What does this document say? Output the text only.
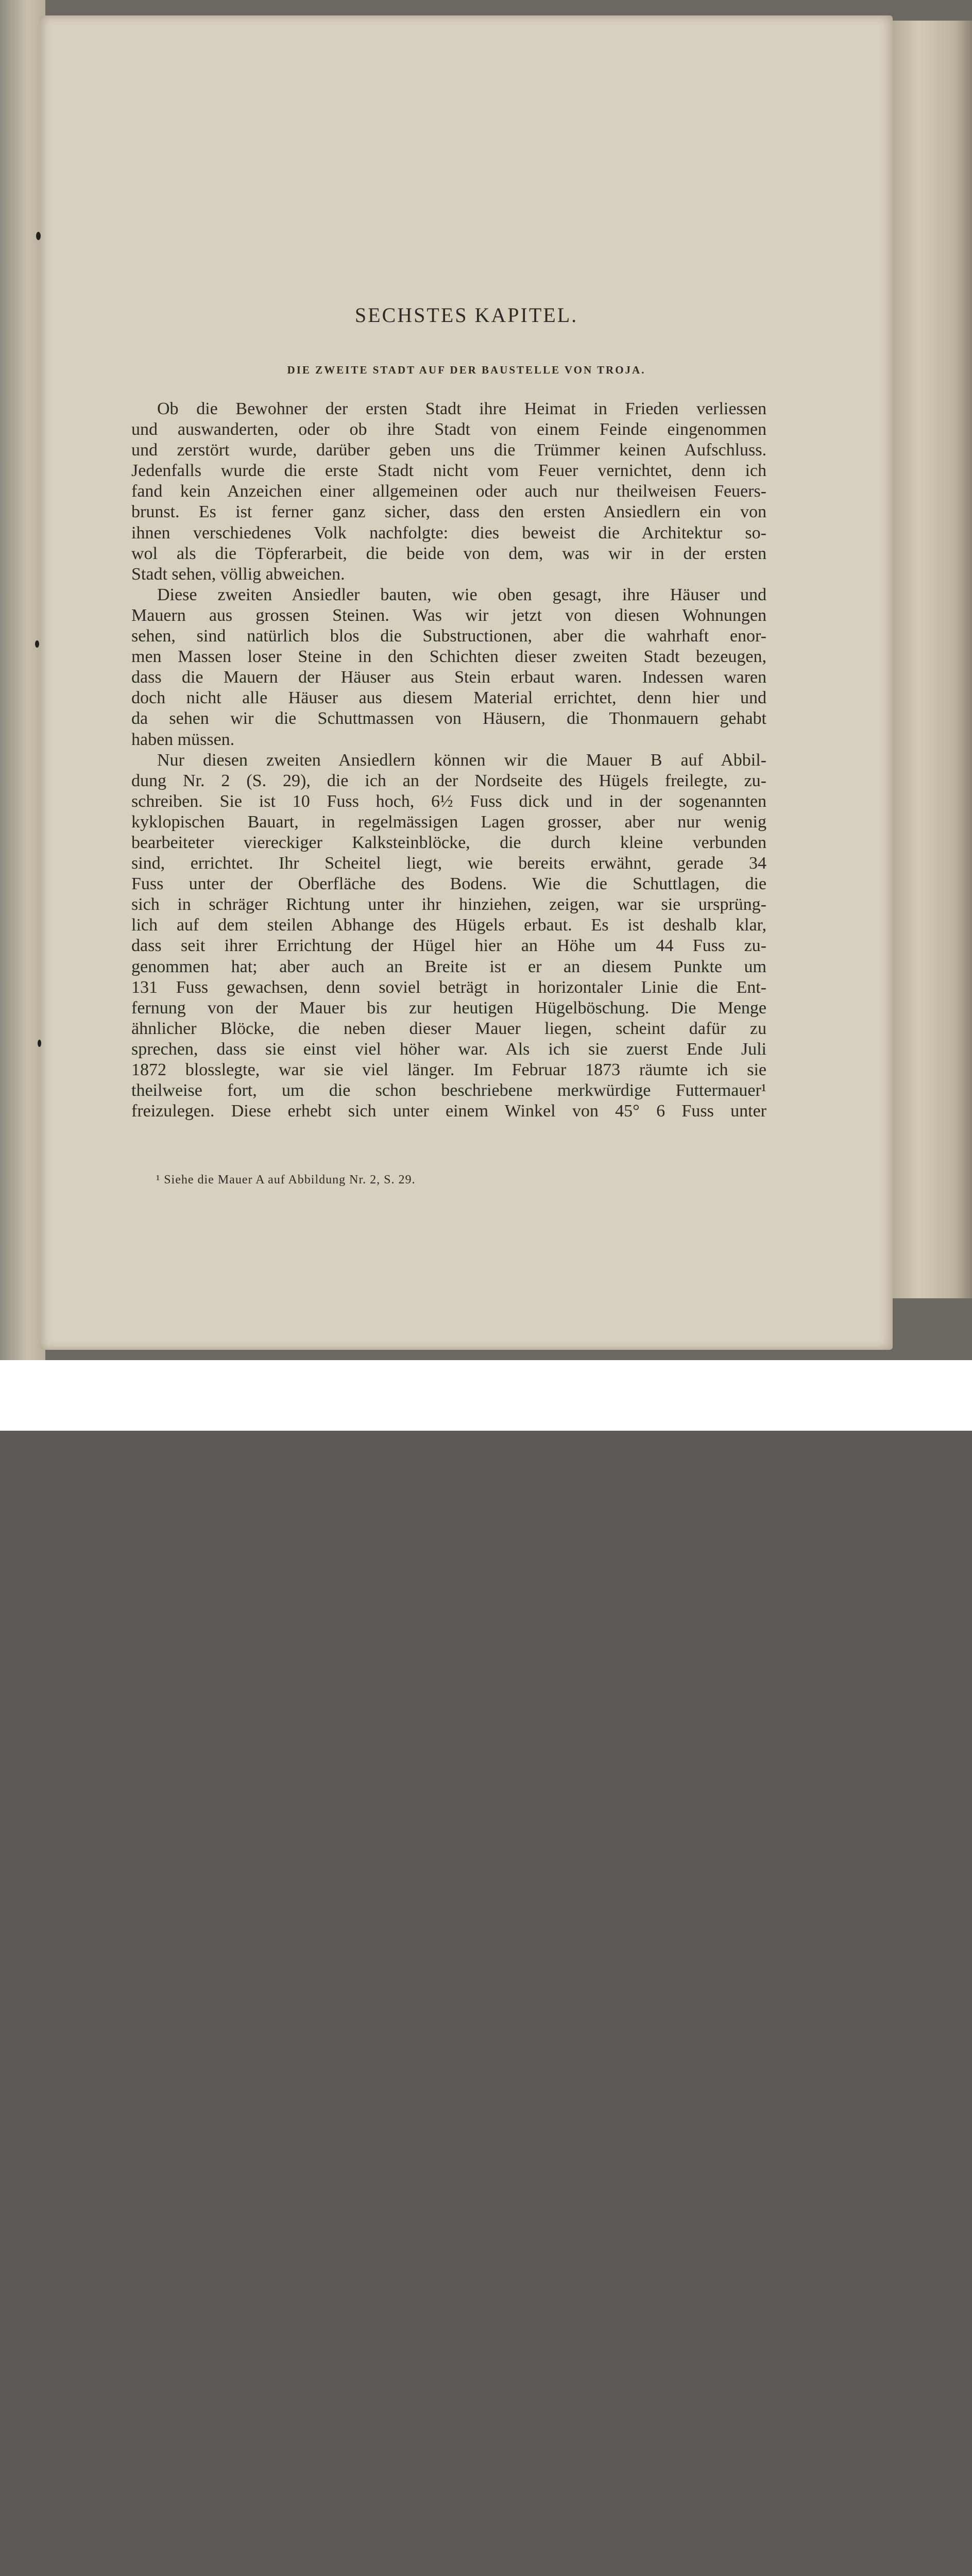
SECHSTES KAPITEL.
DIE ZWEITE STADT AUF DER BAUSTELLE VON TROJA.
Ob die Bewohner der ersten Stadt ihre Heimat in Frieden verliessen
und auswanderten, oder ob ihre Stadt von einem Feinde eingenommen
und zerstört wurde, darüber geben uns die Trümmer keinen Aufschluss.
Jedenfalls wurde die erste Stadt nicht vom Feuer vernichtet, denn ich
fand kein Anzeichen einer allgemeinen oder auch nur theilweisen Feuers-
brunst. Es ist ferner ganz sicher, dass den ersten Ansiedlern ein von
ihnen verschiedenes Volk nachfolgte: dies beweist die Architektur so-
wol als die Töpferarbeit, die beide von dem, was wir in der ersten
Stadt sehen, völlig abweichen.
Diese zweiten Ansiedler bauten, wie oben gesagt, ihre Häuser und
Mauern aus grossen Steinen. Was wir jetzt von diesen Wohnungen
sehen, sind natürlich blos die Substructionen, aber die wahrhaft enor-
men Massen loser Steine in den Schichten dieser zweiten Stadt bezeugen,
dass die Mauern der Häuser aus Stein erbaut waren. Indessen waren
doch nicht alle Häuser aus diesem Material errichtet, denn hier und
da sehen wir die Schuttmassen von Häusern, die Thonmauern gehabt
haben müssen.
Nur diesen zweiten Ansiedlern können wir die Mauer B auf Abbil-
dung Nr. 2 (S. 29), die ich an der Nordseite des Hügels freilegte, zu-
schreiben. Sie ist 10 Fuss hoch, 6½ Fuss dick und in der sogenannten
kyklopischen Bauart, in regelmässigen Lagen grosser, aber nur wenig
bearbeiteter viereckiger Kalksteinblöcke, die durch kleine verbunden
sind, errichtet. Ihr Scheitel liegt, wie bereits erwähnt, gerade 34
Fuss unter der Oberfläche des Bodens. Wie die Schuttlagen, die
sich in schräger Richtung unter ihr hinziehen, zeigen, war sie ursprüng-
lich auf dem steilen Abhange des Hügels erbaut. Es ist deshalb klar,
dass seit ihrer Errichtung der Hügel hier an Höhe um 44 Fuss zu-
genommen hat; aber auch an Breite ist er an diesem Punkte um
131 Fuss gewachsen, denn soviel beträgt in horizontaler Linie die Ent-
fernung von der Mauer bis zur heutigen Hügelböschung. Die Menge
ähnlicher Blöcke, die neben dieser Mauer liegen, scheint dafür zu
sprechen, dass sie einst viel höher war. Als ich sie zuerst Ende Juli
1872 blosslegte, war sie viel länger. Im Februar 1873 räumte ich sie
theilweise fort, um die schon beschriebene merkwürdige Futtermauer¹
freizulegen. Diese erhebt sich unter einem Winkel von 45° 6 Fuss unter
¹ Siehe die Mauer A auf Abbildung Nr. 2, S. 29.
